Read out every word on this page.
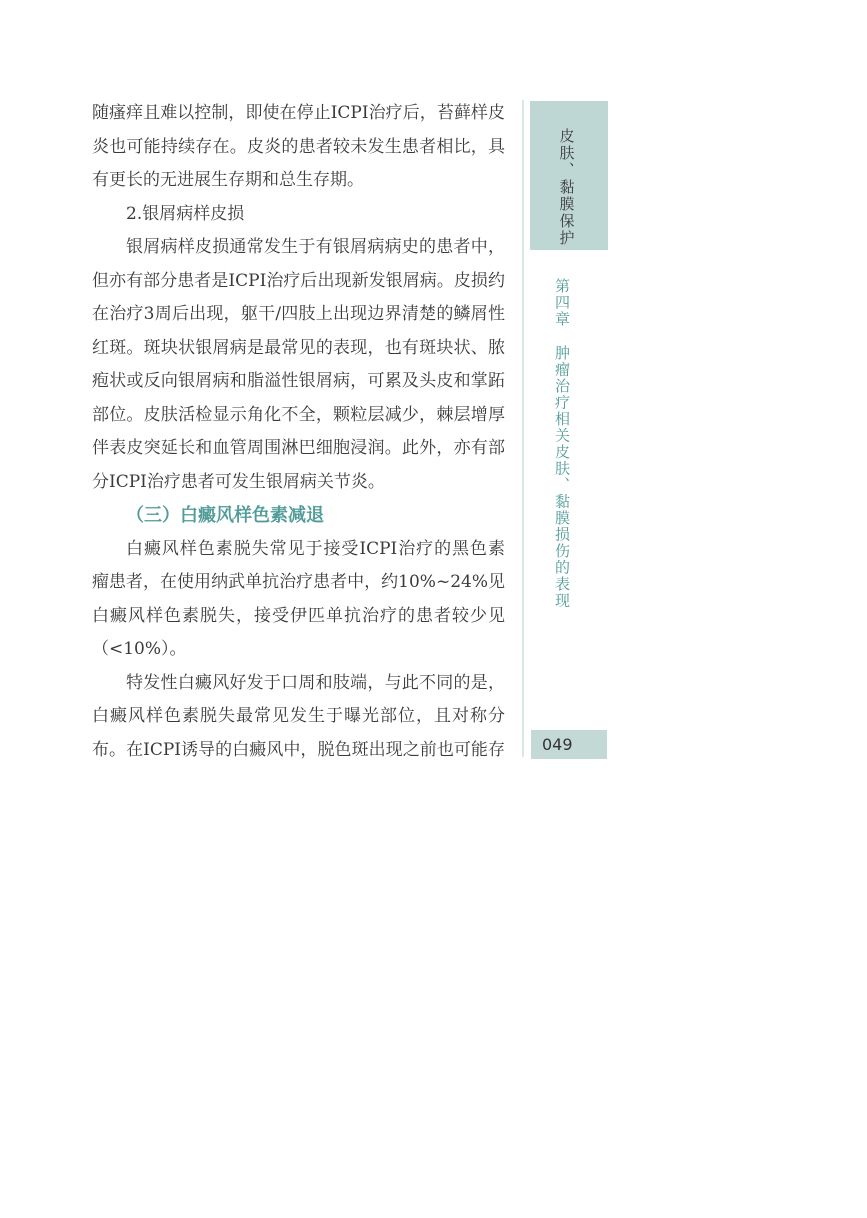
随瘙痒且难以控制，即使在停止ICPI治疗后，苔藓样皮
炎也可能持续存在。皮炎的患者较未发生患者相比，具
有更长的无进展生存期和总生存期。
2.银屑病样皮损
银屑病样皮损通常发生于有银屑病病史的患者中，
但亦有部分患者是ICPI治疗后出现新发银屑病。皮损约
在治疗3周后出现，躯干/四肢上出现边界清楚的鳞屑性
红斑。斑块状银屑病是最常见的表现，也有斑块状、脓
疱状或反向银屑病和脂溢性银屑病，可累及头皮和掌跖
部位。皮肤活检显示角化不全，颗粒层减少，棘层增厚
伴表皮突延长和血管周围淋巴细胞浸润。此外，亦有部
分ICPI治疗患者可发生银屑病关节炎。
（三）白癜风样色素减退
白癜风样色素脱失常见于接受ICPI治疗的黑色素
瘤患者，在使用纳武单抗治疗患者中，约10%~24%见
白癜风样色素脱失，接受伊匹单抗治疗的患者较少见
（<10%）。
特发性白癜风好发于口周和肢端，与此不同的是，
白癜风样色素脱失最常见发生于曝光部位，且对称分
布。在ICPI诱导的白癜风中，脱色斑出现之前也可能存
皮肤、黏膜保护
第四章肿瘤治疗相关皮肤、黏膜损伤的表现
049
